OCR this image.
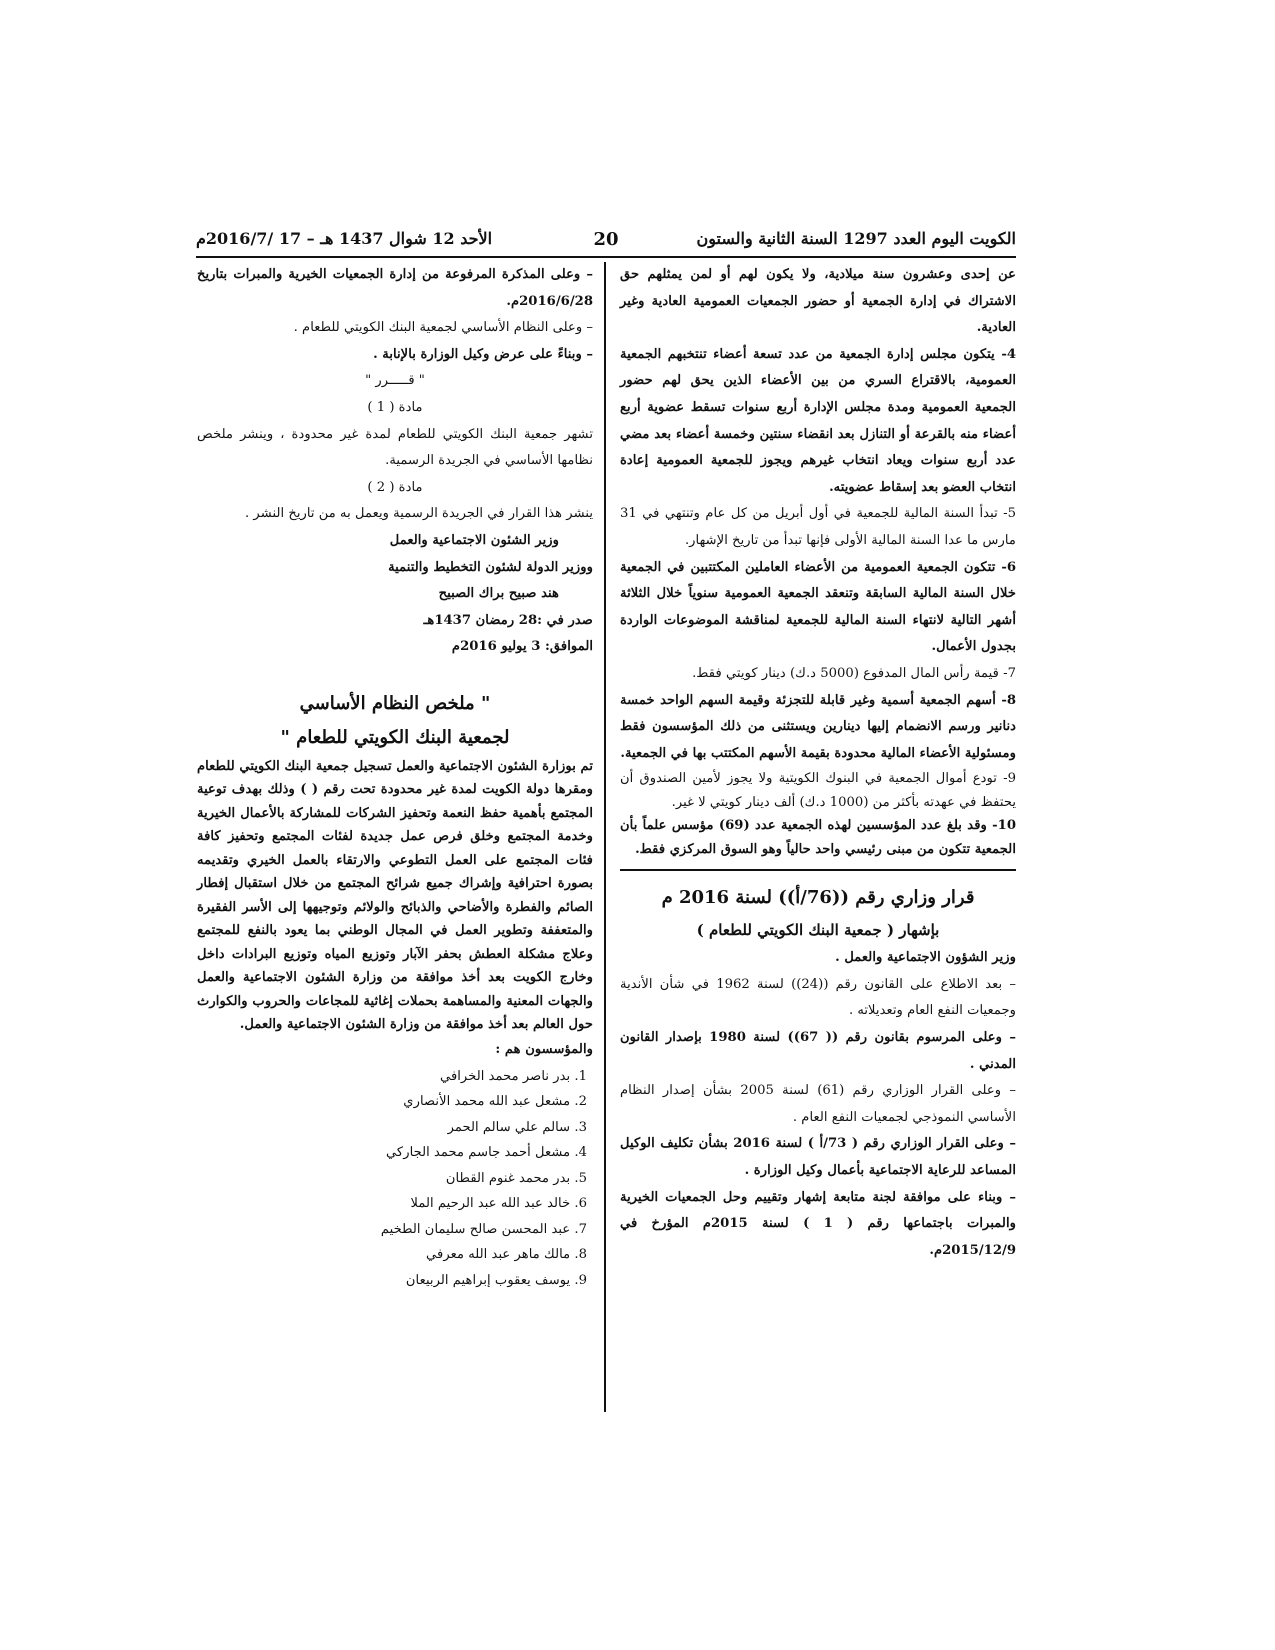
الكويت اليوم العدد 1297 السنة الثانية والستون
20
الأحد 12 شوال 1437 هـ – 17 /2016/7م

عن إحدى وعشرون سنة ميلادية، ولا يكون لهم أو لمن يمثلهم حق الاشتراك في إدارة الجمعية أو حضور الجمعيات العمومية العادية وغير العادية.

4- يتكون مجلس إدارة الجمعية من عدد تسعة أعضاء تنتخبهم الجمعية العمومية، بالاقتراع السري من بين الأعضاء الذين يحق لهم حضور الجمعية العمومية ومدة مجلس الإدارة أربع سنوات تسقط عضوية أربع أعضاء منه بالقرعة أو التنازل بعد انقضاء سنتين وخمسة أعضاء بعد مضي عدد أربع سنوات ويعاد انتخاب غيرهم ويجوز للجمعية العمومية إعادة انتخاب العضو بعد إسقاط عضويته.

5- تبدأ السنة المالية للجمعية في أول أبريل من كل عام وتنتهي في 31 مارس ما عدا السنة المالية الأولى فإنها تبدأ من تاريخ الإشهار.

6- تتكون الجمعية العمومية من الأعضاء العاملين المكتتبين في الجمعية خلال السنة المالية السابقة وتنعقد الجمعية العمومية سنوياً خلال الثلاثة أشهر التالية لانتهاء السنة المالية للجمعية لمناقشة الموضوعات الواردة بجدول الأعمال.

7- قيمة رأس المال المدفوع (5000 د.ك) دينار كويتي فقط.

8- أسهم الجمعية أسمية وغير قابلة للتجزئة وقيمة السهم الواحد خمسة دنانير ورسم الانضمام إليها دينارين ويستثنى من ذلك المؤسسون فقط ومسئولية الأعضاء المالية محدودة بقيمة الأسهم المكتتب بها في الجمعية.

9- تودع أموال الجمعية في البنوك الكويتية ولا يجوز لأمين الصندوق أن يحتفظ في عهدته بأكثر من (1000 د.ك) ألف دينار كويتي لا غير.

10- وقد بلغ عدد المؤسسين لهذه الجمعية عدد (69) مؤسس علماً بأن الجمعية تتكون من مبنى رئيسي واحد حالياً وهو السوق المركزي فقط.

قرار وزاري رقم ((76/أ)) لسنة 2016 م
بإشهار ( جمعية البنك الكويتي للطعام )

وزير الشؤون الاجتماعية والعمل .

– بعد الاطلاع على القانون رقم ((24)) لسنة 1962 في شأن الأندية وجمعيات النفع العام وتعديلاته .

– وعلى المرسوم بقانون رقم (( 67)) لسنة 1980 بإصدار القانون المدني .

– وعلى القرار الوزاري رقم (61) لسنة 2005 بشأن إصدار النظام الأساسي النموذجي لجمعيات النفع العام .

– وعلى القرار الوزاري رقم ( 73/أ ) لسنة 2016 بشأن تكليف الوكيل المساعد للرعاية الاجتماعية بأعمال وكيل الوزارة .

– وبناء على موافقة لجنة متابعة إشهار وتقييم وحل الجمعيات الخيرية والمبرات باجتماعها رقم ( 1 ) لسنة 2015م المؤرخ في 2015/12/9م.

– وعلى المذكرة المرفوعة من إدارة الجمعيات الخيرية والمبرات بتاريخ 2016/6/28م.

– وعلى النظام الأساسي لجمعية البنك الكويتي للطعام .

– وبناءً على عرض وكيل الوزارة بالإنابة .

" قـــــرر "

مادة ( 1 )

تشهر جمعية البنك الكويتي للطعام لمدة غير محدودة ، وينشر ملخص نظامها الأساسي في الجريدة الرسمية.

مادة ( 2 )

ينشر هذا القرار في الجريدة الرسمية ويعمل به من تاريخ النشر .

وزير الشئون الاجتماعية والعمل

ووزير الدولة لشئون التخطيط والتنمية

هند صبيح براك الصبيح

صدر في :28 رمضان 1437هـ

الموافق: 3 يوليو 2016م

" ملخص النظام الأساسي
لجمعية البنك الكويتي للطعام "

تم بوزارة الشئون الاجتماعية والعمل تسجيل جمعية البنك الكويتي للطعام ومقرها دولة الكويت لمدة غير محدودة تحت رقم ( ) وذلك بهدف توعية المجتمع بأهمية حفظ النعمة وتحفيز الشركات للمشاركة بالأعمال الخيرية وخدمة المجتمع وخلق فرص عمل جديدة لفئات المجتمع وتحفيز كافة فئات المجتمع على العمل التطوعي والارتقاء بالعمل الخيري وتقديمه بصورة احترافية وإشراك جميع شرائح المجتمع من خلال استقبال إفطار الصائم والفطرة والأضاحي والذبائح والولائم وتوجيهها إلى الأسر الفقيرة والمتعففة وتطوير العمل في المجال الوطني بما يعود بالنفع للمجتمع وعلاج مشكلة العطش بحفر الآبار وتوزيع المياه وتوزيع البرادات داخل وخارج الكويت بعد أخذ موافقة من وزارة الشئون الاجتماعية والعمل والجهات المعنية والمساهمة بحملات إغاثية للمجاعات والحروب والكوارث حول العالم بعد أخذ موافقة من وزارة الشئون الاجتماعية والعمل.

والمؤسسون هم :

1. بدر ناصر محمد الخرافي
2. مشعل عبد الله محمد الأنصاري
3. سالم علي سالم الحمر
4. مشعل أحمد جاسم محمد الجاركي
5. بدر محمد غنوم القطان
6. خالد عبد الله عبد الرحيم الملا
7. عبد المحسن صالح سليمان الطخيم
8. مالك ماهر عبد الله معرفي
9. يوسف يعقوب إبراهيم الربيعان
